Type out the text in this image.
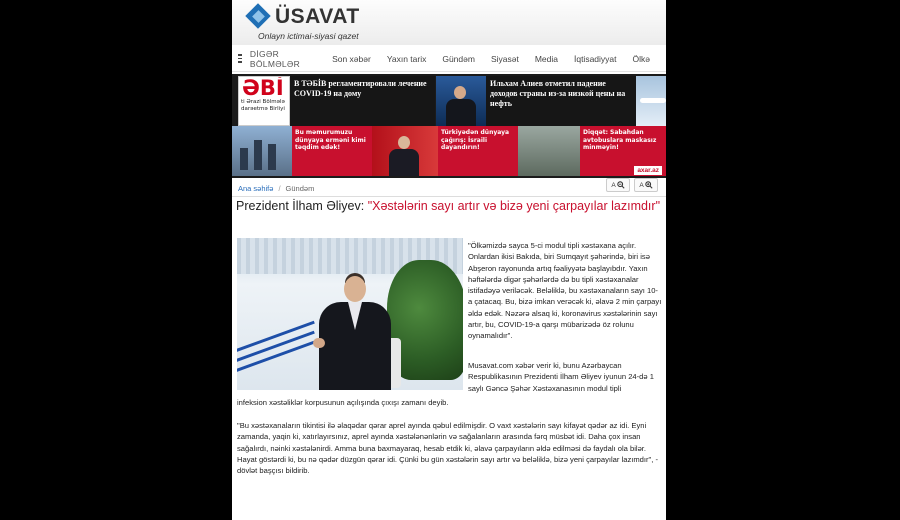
ÜSAVAT
Onlayn ictimai-siyasi qazet
DİGƏR BÖLMƏLƏR	Son xəbər Yaxın tarix Gündəm Siyasət Media İqtisadiyyat Ölkə
ƏBİ
ti Ərazi Bölmələ darəetmə Birliyi
В ТƏБİB регламентировали лечение COVID-19 на дому
Ильхам Алиев отметил падение доходов страны из-за низкой цены на нефть
Bu məmurumuzu dünyaya erməni kimi təqdim edək!
Türkiyədən dünyaya çağırış: İsraili dayandırın!
Diqqət: Sabahdan avtobuslara maskasız minməyin!
axar.az
Ana səhifə / Gündəm	A	A
Prezident İlham Əliyev: "Xəstələrin sayı artır və bizə yeni çarpayılar lazımdır"

"Ölkəmizdə sayca 5-ci modul tipli xəstəxana açılır. Onlardan ikisi Bakıda, biri Sumqayıt şəhərində, biri isə Abşeron rayonunda artıq fəaliyyətə başlayıbdır. Yaxın həftələrdə digər şəhərlərdə də bu tipli xəstəxanalar istifadəyə veriləcək. Beləliklə, bu xəstəxanaların sayı 10-a çatacaq. Bu, bizə imkan verəcək ki, əlavə 2 min çarpayı əldə edək. Nəzərə alsaq ki, koronavirus xəstələrinin sayı artır, bu, COVID-19-a qarşı mübarizədə öz rolunu oynamalıdır".

Musavat.com xəbər verir ki, bunu Azərbaycan Respublikasının Prezidenti İlham Əliyev iyunun 24-də 1 saylı Gəncə Şəhər Xəstəxanasının modul tipli

infeksion xəstəliklər korpusunun açılışında çıxışı zamanı deyib.

"Bu xəstəxanaların tikintisi ilə əlaqədar qərar aprel ayında qəbul edilmişdir. O vaxt xəstələrin sayı kifayət qədər az idi. Eyni zamanda, yaqin ki, xatırlayırsınız, aprel ayında xəstələnənlərin və sağalanların arasında fərq müsbət idi. Daha çox insan sağalırdı, nəinki xəstələnirdi. Amma buna baxmayaraq, hesab etdik ki, əlavə çarpayıların əldə edilməsi də faydalı ola bilər. Hayat göstərdi ki, bu nə qədər düzgün qərar idi. Çünki bu gün xəstələrin sayı artır və beləliklə, bizə yeni çarpayılar lazımdır", - dövlət başçısı bildirib.
